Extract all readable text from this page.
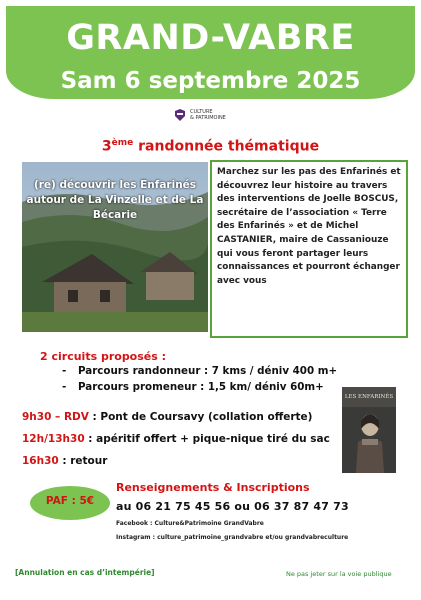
GRAND-VABRE
Sam 6 septembre 2025
CULTURE
& PATRIMOINE
3ème randonnée thématique
(re) découvrir les Enfarinés autour de La Vinzelle et de La Bécarie
Marchez sur les pas des Enfarinés et découvrez leur histoire au travers des interventions de Joelle BOSCUS, secrétaire de l’association « Terre des Enfarinés » et de Michel CASTANIER, maire de Cassaniouze qui vous feront partager leurs connaissances et pourront échanger avec vous
2 circuits proposés :
- Parcours randonneur : 7 kms / déniv 400 m+
- Parcours promeneur : 1,5 km/ déniv 60m+
9h30 – RDV : Pont de Coursavy (collation offerte)
12h/13h30 : apéritif offert + pique-nique tiré du sac
16h30 : retour
LES ENFARINÉS
PAF : 5€
Renseignements & Inscriptions
au 06 21 75 45 56 ou 06 37 87 47 73
Facebook : Culture&Patrimoine GrandVabre
Instagram : culture_patrimoine_grandvabre et/ou grandvabreculture
[Annulation en cas d’intempérie]	Ne pas jeter sur la voie publique
